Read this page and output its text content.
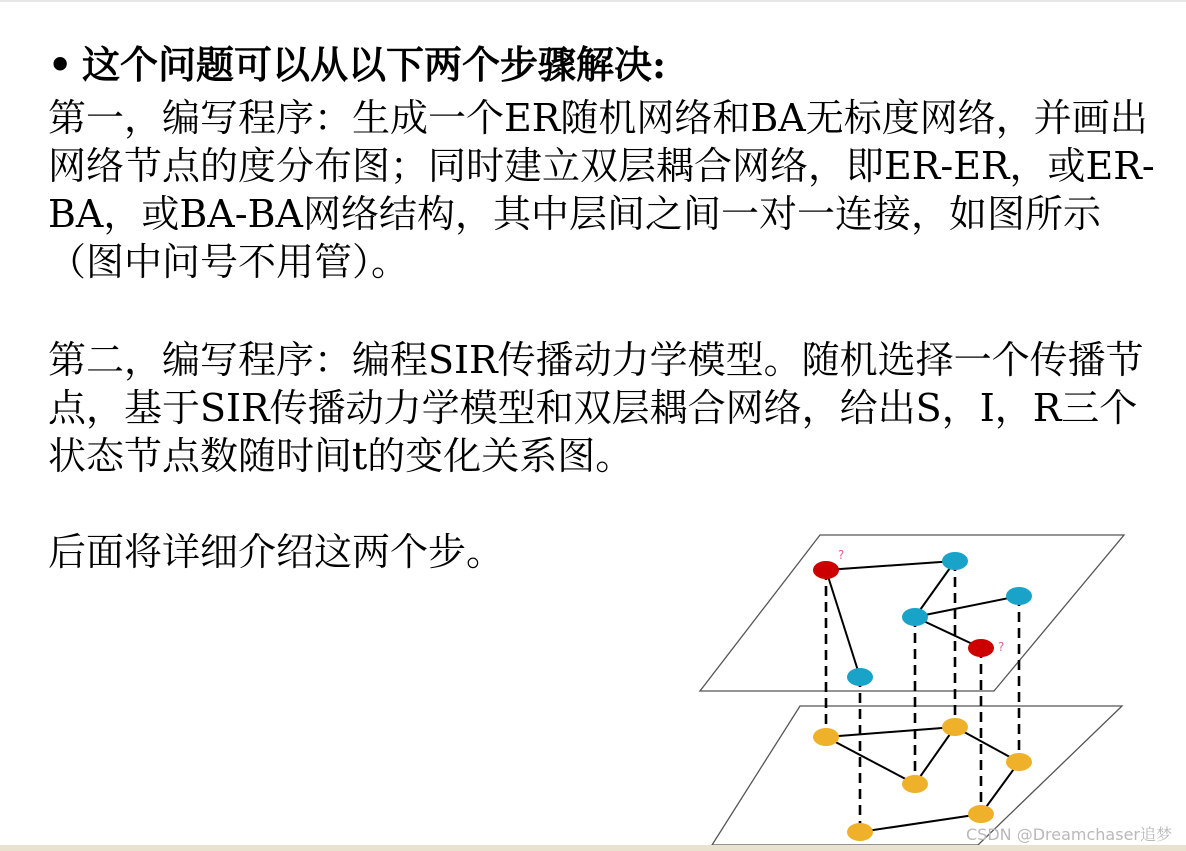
• 这个问题可以从以下两个步骤解决:

第一，编写程序：生成一个ER随机网络和BA无标度网络，并画出网络节点的度分布图；同时建立双层耦合网络，即ER-ER，或ER-BA，或BA-BA网络结构，其中层间之间一对一连接，如图所示（图中问号不用管）。

第二，编写程序：编程SIR传播动力学模型。随机选择一个传播节点，基于SIR传播动力学模型和双层耦合网络，给出S，I，R三个状态节点数随时间t的变化关系图。

后面将详细介绍这两个步。	?
?
CSDN @Dreamchaser追梦
